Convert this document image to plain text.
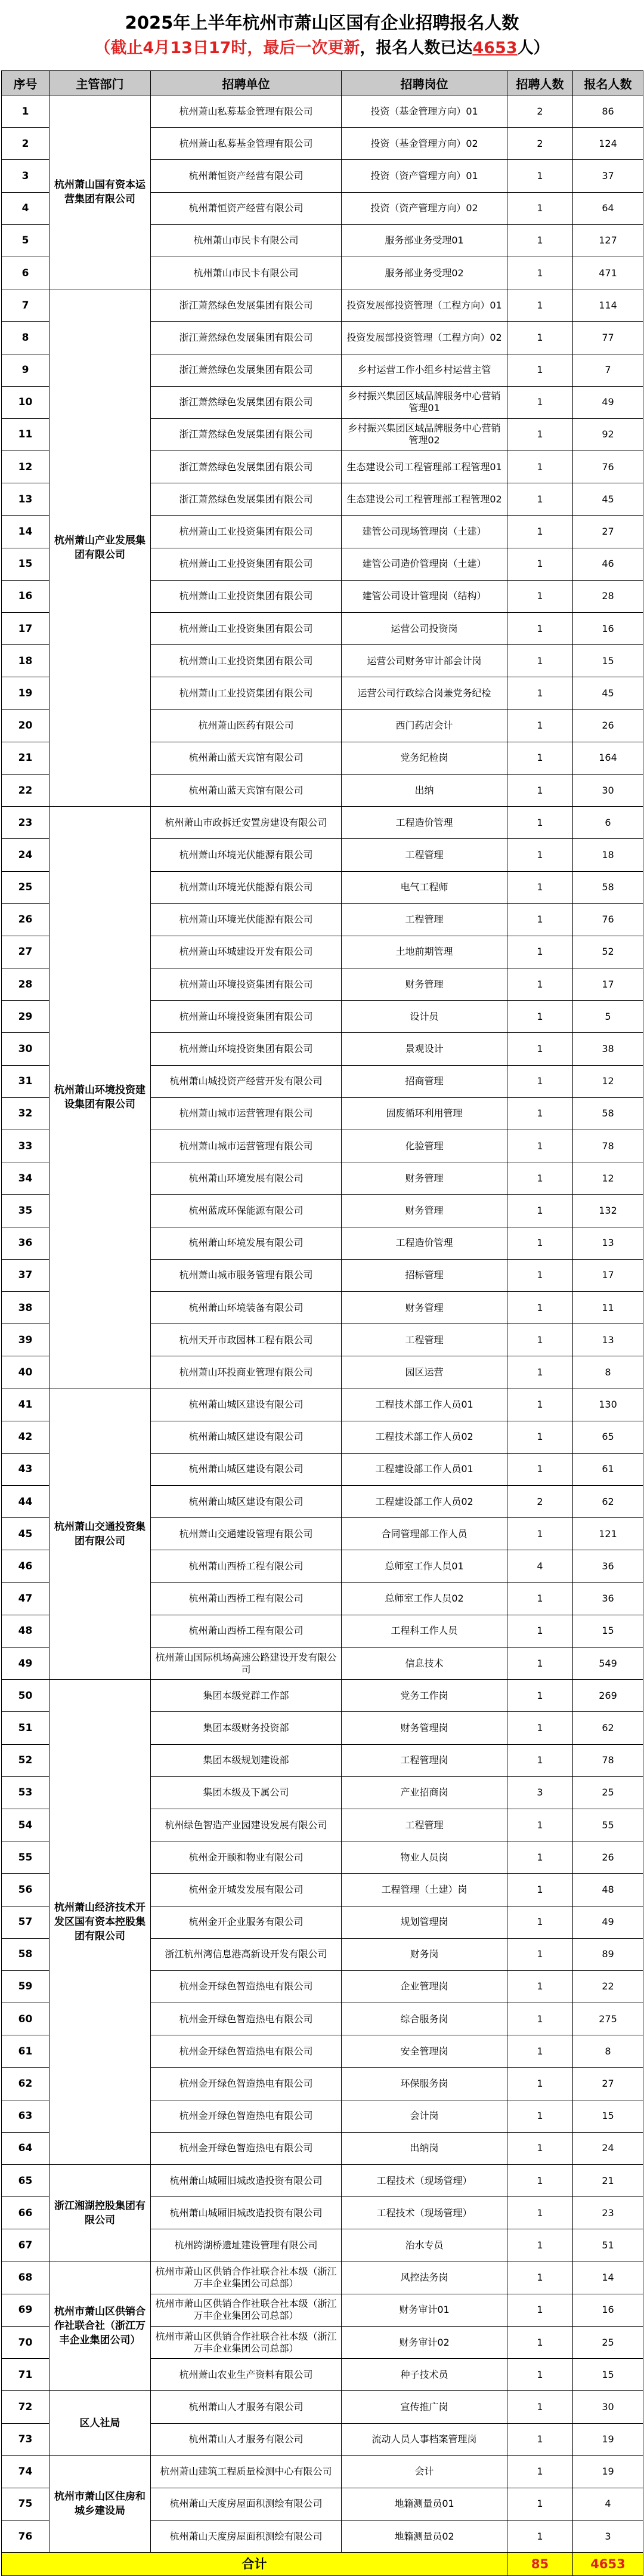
2025年上半年杭州市萧山区国有企业招聘报名人数
（截止4月13日17时，最后一次更新，报名人数已达4653人）
序号	主管部门	招聘单位	招聘岗位	招聘人数	报名人数
1	杭州萧山国有资本运营集团有限公司	杭州萧山私募基金管理有限公司	投资（基金管理方向）01	2	86
2		杭州萧山私募基金管理有限公司	投资（基金管理方向）02	2	124
3		杭州萧恒资产经营有限公司	投资（资产管理方向）01	1	37
4		杭州萧恒资产经营有限公司	投资（资产管理方向）02	1	64
5		杭州萧山市民卡有限公司	服务部业务受理01	1	127
6		杭州萧山市民卡有限公司	服务部业务受理02	1	471
7	杭州萧山产业发展集团有限公司	浙江萧然绿色发展集团有限公司	投资发展部投资管理（工程方向）01	1	114
8		浙江萧然绿色发展集团有限公司	投资发展部投资管理（工程方向）02	1	77
9		浙江萧然绿色发展集团有限公司	乡村运营工作小组乡村运营主管	1	7
10		浙江萧然绿色发展集团有限公司	乡村振兴集团区域品牌服务中心营销管理01	1	49
11		浙江萧然绿色发展集团有限公司	乡村振兴集团区域品牌服务中心营销管理02	1	92
12		浙江萧然绿色发展集团有限公司	生态建设公司工程管理部工程管理01	1	76
13		浙江萧然绿色发展集团有限公司	生态建设公司工程管理部工程管理02	1	45
14		杭州萧山工业投资集团有限公司	建管公司现场管理岗（土建）	1	27
15		杭州萧山工业投资集团有限公司	建管公司造价管理岗（土建）	1	46
16		杭州萧山工业投资集团有限公司	建管公司设计管理岗（结构）	1	28
17		杭州萧山工业投资集团有限公司	运营公司投资岗	1	16
18		杭州萧山工业投资集团有限公司	运营公司财务审计部会计岗	1	15
19		杭州萧山工业投资集团有限公司	运营公司行政综合岗兼党务纪检	1	45
20		杭州萧山医药有限公司	西门药店会计	1	26
21		杭州萧山蓝天宾馆有限公司	党务纪检岗	1	164
22		杭州萧山蓝天宾馆有限公司	出纳	1	30
23	杭州萧山环境投资建设集团有限公司	杭州萧山市政拆迁安置房建设有限公司	工程造价管理	1	6
24		杭州萧山环境光伏能源有限公司	工程管理	1	18
25		杭州萧山环境光伏能源有限公司	电气工程师	1	58
26		杭州萧山环境光伏能源有限公司	工程管理	1	76
27		杭州萧山环城建设开发有限公司	土地前期管理	1	52
28		杭州萧山环境投资集团有限公司	财务管理	1	17
29		杭州萧山环境投资集团有限公司	设计员	1	5
30		杭州萧山环境投资集团有限公司	景观设计	1	38
31		杭州萧山城投资产经营开发有限公司	招商管理	1	12
32		杭州萧山城市运营管理有限公司	固废循环利用管理	1	58
33		杭州萧山城市运营管理有限公司	化验管理	1	78
34		杭州萧山环境发展有限公司	财务管理	1	12
35		杭州蓝成环保能源有限公司	财务管理	1	132
36		杭州萧山环境发展有限公司	工程造价管理	1	13
37		杭州萧山城市服务管理有限公司	招标管理	1	17
38		杭州萧山环境装备有限公司	财务管理	1	11
39		杭州天开市政园林工程有限公司	工程管理	1	13
40		杭州萧山环投商业管理有限公司	园区运营	1	8
41	杭州萧山交通投资集团有限公司	杭州萧山城区建设有限公司	工程技术部工作人员01	1	130
42		杭州萧山城区建设有限公司	工程技术部工作人员02	1	65
43		杭州萧山城区建设有限公司	工程建设部工作人员01	1	61
44		杭州萧山城区建设有限公司	工程建设部工作人员02	2	62
45		杭州萧山交通建设管理有限公司	合同管理部工作人员	1	121
46		杭州萧山西桥工程有限公司	总师室工作人员01	4	36
47		杭州萧山西桥工程有限公司	总师室工作人员02	1	36
48		杭州萧山西桥工程有限公司	工程科工作人员	1	15
49		杭州萧山国际机场高速公路建设开发有限公司	信息技术	1	549
50	杭州萧山经济技术开发区国有资本控股集团有限公司	集团本级党群工作部	党务工作岗	1	269
51		集团本级财务投资部	财务管理岗	1	62
52		集团本级规划建设部	工程管理岗	1	78
53		集团本级及下属公司	产业招商岗	3	25
54		杭州绿色智造产业园建设发展有限公司	工程管理	1	55
55		杭州金开颐和物业有限公司	物业人员岗	1	26
56		杭州金开城发发展有限公司	工程管理（土建）岗	1	48
57		杭州金开企业服务有限公司	规划管理岗	1	49
58		浙江杭州湾信息港高新设开发有限公司	财务岗	1	89
59		杭州金开绿色智造热电有限公司	企业管理岗	1	22
60		杭州金开绿色智造热电有限公司	综合服务岗	1	275
61		杭州金开绿色智造热电有限公司	安全管理岗	1	8
62		杭州金开绿色智造热电有限公司	环保服务岗	1	27
63		杭州金开绿色智造热电有限公司	会计岗	1	15
64		杭州金开绿色智造热电有限公司	出纳岗	1	24
65	浙江湘湖控股集团有限公司	杭州萧山城厢旧城改造投资有限公司	工程技术（现场管理）	1	21
66		杭州萧山城厢旧城改造投资有限公司	工程技术（现场管理）	1	23
67		杭州跨湖桥遗址建设管理有限公司	治水专员	1	51
68	杭州市萧山区供销合作社联合社（浙江万丰企业集团公司）	杭州市萧山区供销合作社联合社本级（浙江万丰企业集团公司总部）	风控法务岗	1	14
69		杭州市萧山区供销合作社联合社本级（浙江万丰企业集团公司总部）	财务审计01	1	16
70		杭州市萧山区供销合作社联合社本级（浙江万丰企业集团公司总部）	财务审计02	1	25
71		杭州萧山农业生产资料有限公司	种子技术员	1	15
72	区人社局	杭州萧山人才服务有限公司	宣传推广岗	1	30
73		杭州萧山人才服务有限公司	流动人员人事档案管理岗	1	19
74	杭州市萧山区住房和城乡建设局	杭州萧山建筑工程质量检测中心有限公司	会计	1	19
75		杭州萧山天度房屋面积测绘有限公司	地籍测量员01	1	4
76		杭州萧山天度房屋面积测绘有限公司	地籍测量员02	1	3
合计				85	4653
